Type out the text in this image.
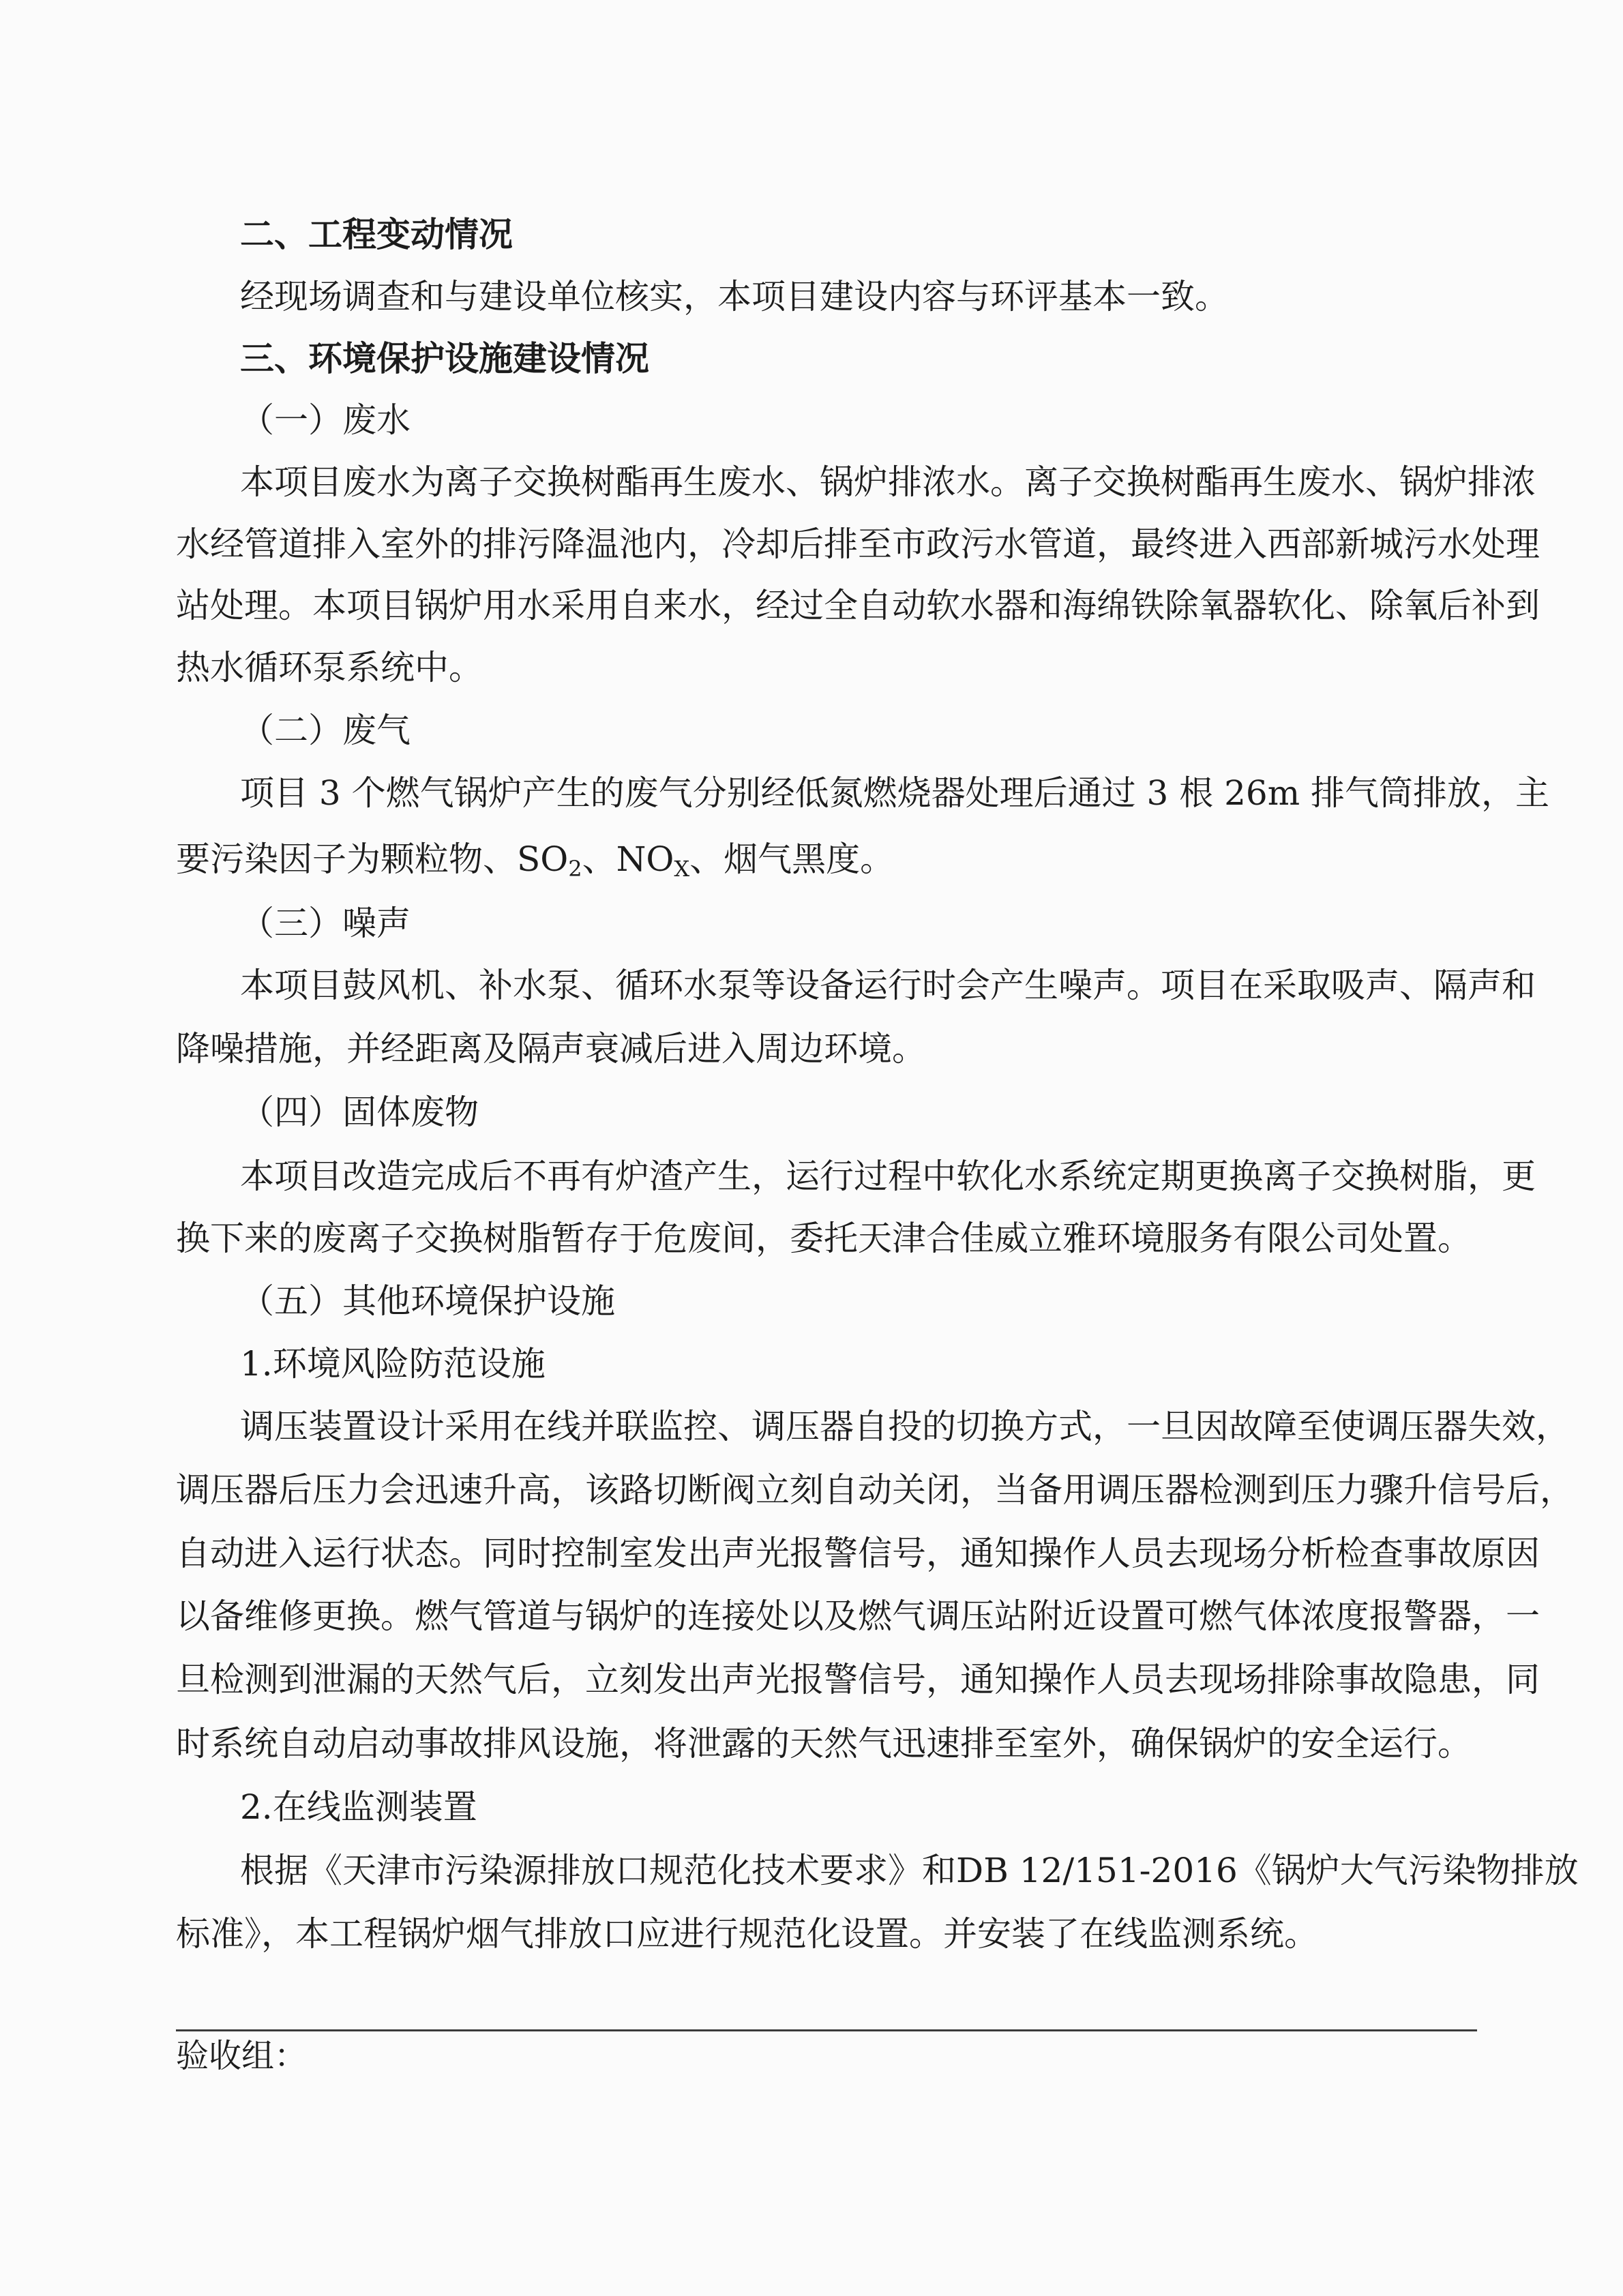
二、工程变动情况
经现场调查和与建设单位核实，本项目建设内容与环评基本一致。
三、环境保护设施建设情况
（一）废水
本项目废水为离子交换树酯再生废水、锅炉排浓水。离子交换树酯再生废水、锅炉排浓
水经管道排入室外的排污降温池内，冷却后排至市政污水管道，最终进入西部新城污水处理
站处理。本项目锅炉用水采用自来水，经过全自动软水器和海绵铁除氧器软化、除氧后补到
热水循环泵系统中。
（二）废气
项目 3 个燃气锅炉产生的废气分别经低氮燃烧器处理后通过 3 根 26m 排气筒排放，主
要污染因子为颗粒物、$SO_2$、$NO_X$、烟气黑度。
（三）噪声
本项目鼓风机、补水泵、循环水泵等设备运行时会产生噪声。项目在采取吸声、隔声和
降噪措施，并经距离及隔声衰减后进入周边环境。
（四）固体废物
本项目改造完成后不再有炉渣产生，运行过程中软化水系统定期更换离子交换树脂，更
换下来的废离子交换树脂暂存于危废间，委托天津合佳威立雅环境服务有限公司处置。
（五）其他环境保护设施
1.环境风险防范设施
调压装置设计采用在线并联监控、调压器自投的切换方式，一旦因故障至使调压器失效，
调压器后压力会迅速升高，该路切断阀立刻自动关闭，当备用调压器检测到压力骤升信号后，
自动进入运行状态。同时控制室发出声光报警信号，通知操作人员去现场分析检查事故原因
以备维修更换。燃气管道与锅炉的连接处以及燃气调压站附近设置可燃气体浓度报警器，一
旦检测到泄漏的天然气后，立刻发出声光报警信号，通知操作人员去现场排除事故隐患，同
时系统自动启动事故排风设施，将泄露的天然气迅速排至室外，确保锅炉的安全运行。
2.在线监测装置
根据《天津市污染源排放口规范化技术要求》和DB 12/151-2016《锅炉大气污染物排放
标准》，本工程锅炉烟气排放口应进行规范化设置。并安装了在线监测系统。
验收组：
